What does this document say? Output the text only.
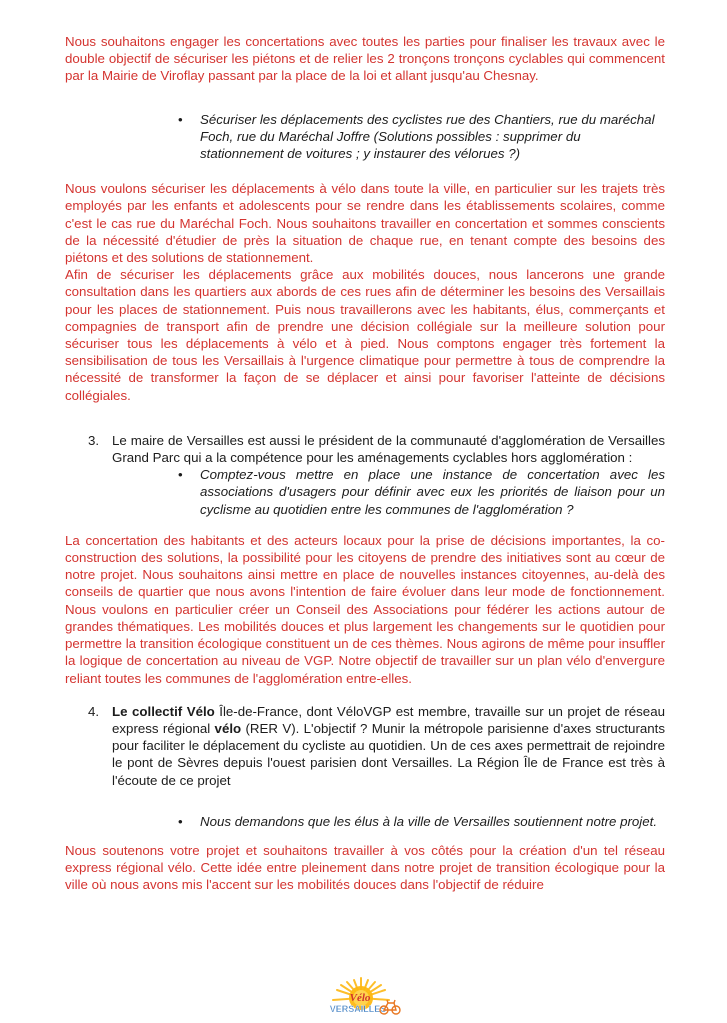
Nous souhaitons engager les concertations avec toutes les parties pour finaliser les travaux avec le double objectif de sécuriser les piétons et de relier les 2 tronçons tronçons cyclables qui commencent par la Mairie de Viroflay passant par la place de la loi et allant jusqu'au Chesnay.

•	Sécuriser les déplacements des cyclistes rue des Chantiers, rue du maréchal Foch, rue du Maréchal Joffre (Solutions possibles : supprimer du stationnement de voitures ; y instaurer des vélorues ?)

Nous voulons sécuriser les déplacements à vélo dans toute la ville, en particulier sur les trajets très employés par les enfants et adolescents pour se rendre dans les établissements scolaires, comme c'est le cas rue du Maréchal Foch. Nous souhaitons travailler en concertation et sommes conscients de la nécessité d'étudier de près la situation de chaque rue, en tenant compte des besoins des piétons et des solutions de stationnement.

Afin de sécuriser les déplacements grâce aux mobilités douces, nous lancerons une grande consultation dans les quartiers aux abords de ces rues afin de déterminer les besoins des Versaillais pour les places de stationnement. Puis nous travaillerons avec les habitants, élus, commerçants et compagnies de transport afin de prendre une décision collégiale sur la meilleure solution pour sécuriser tous les déplacements à vélo et à pied. Nous comptons engager très fortement la sensibilisation de tous les Versaillais à l'urgence climatique pour permettre à tous de comprendre la nécessité de transformer la façon de se déplacer et ainsi pour favoriser l'atteinte de décisions collégiales.

3. Le maire de Versailles est aussi le président de la communauté d'agglomération de Versailles Grand Parc qui a la compétence pour les aménagements cyclables hors agglomération :
•	Comptez-vous mettre en place une instance de concertation avec les associations d'usagers pour définir avec eux les priorités de liaison pour un cyclisme au quotidien entre les communes de l'agglomération ?

La concertation des habitants et des acteurs locaux pour la prise de décisions importantes, la co-construction des solutions, la possibilité pour les citoyens de prendre des initiatives sont au cœur de notre projet. Nous souhaitons ainsi mettre en place de nouvelles instances citoyennes, au-delà des conseils de quartier que nous avons l'intention de faire évoluer dans leur mode de fonctionnement. Nous voulons en particulier créer un Conseil des Associations pour fédérer les actions autour de grandes thématiques. Les mobilités douces et plus largement les changements sur le quotidien pour permettre la transition écologique constituent un de ces thèmes. Nous agirons de même pour insuffler la logique de concertation au niveau de VGP. Notre objectif de travailler sur un plan vélo d'envergure reliant toutes les communes de l'agglomération entre-elles.

4. Le collectif Vélo Île-de-France, dont VéloVGP est membre, travaille sur un projet de réseau express régional vélo (RER V). L'objectif ? Munir la métropole parisienne d'axes structurants pour faciliter le déplacement du cycliste au quotidien. Un de ces axes permettrait de rejoindre le pont de Sèvres depuis l'ouest parisien dont Versailles. La Région Île de France est très à l'écoute de ce projet
•	Nous demandons que les élus à la ville de Versailles soutiennent notre projet.

Nous soutenons votre projet et souhaitons travailler à vos côtés pour la création d'un tel réseau express régional vélo. Cette idée entre pleinement dans notre projet de transition écologique pour la ville où nous avons mis l'accent sur les mobilités douces dans l'objectif de réduire

Vélo
VERSAILLES
